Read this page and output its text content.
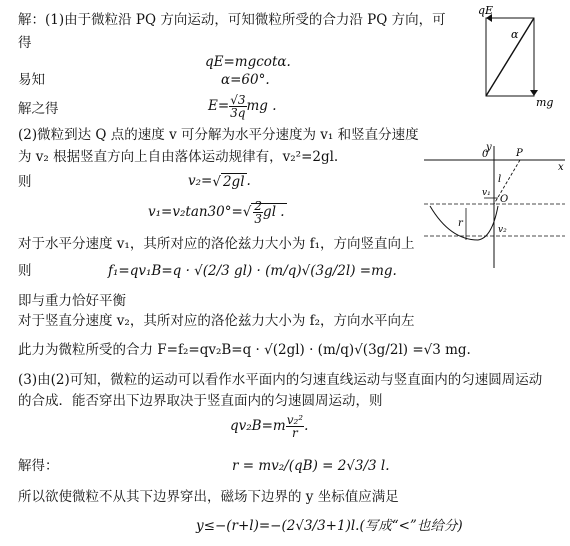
解：(1)由于微粒沿 PQ 方向运动，可知微粒所受的合力沿 PQ 方向，可
得
qE=mgcotα.
易知	α=60°.
解之得	$E= \frac{√3}{3q}$ mg .
(2)微粒到达 Q 点的速度 v 可分解为水平分速度为 v₁ 和竖直分速度
为 v₂ 根据竖直方向上自由落体运动规律有，v₂²=2gl.
则	v₂=√ 2gl .
$v_1=v_2\tan 30^\circ=√ \frac{2}{3}$ gl .
对于水平分速度 v₁，其所对应的洛伦兹力大小为 f₁，方向竖直向上
则	f₁=qv₁B=q · √(2/3 gl) · (m/q)√(3g/2l) =mg.
即与重力恰好平衡
对于竖直分速度 v₂，其所对应的洛伦兹力大小为 f₂，方向水平向左
此力为微粒所受的合力 F=f₂=qv₂B=q · √(2gl) · (m/q)√(3g/2l) =√3 mg.
(3)由(2)可知，微粒的运动可以看作水平面内的匀速直线运动与竖直面内的匀速圆周运动
的合成．能否穿出下边界取决于竖直面内的匀速圆周运动，则
$qv_2B=m \frac{\text{v₂²}}{r}$ .
解得：	r = mv₂/(qB) = 2√3/3 l.
所以欲使微粒不从其下边界穿出，磁场下边界的 y 坐标值应满足
y≤−(r+l)=−(2√3/3+1)l.(写成“<”也给分)
qE
α
mg
y
0	P
x
l
v₁
O
r
v₂
